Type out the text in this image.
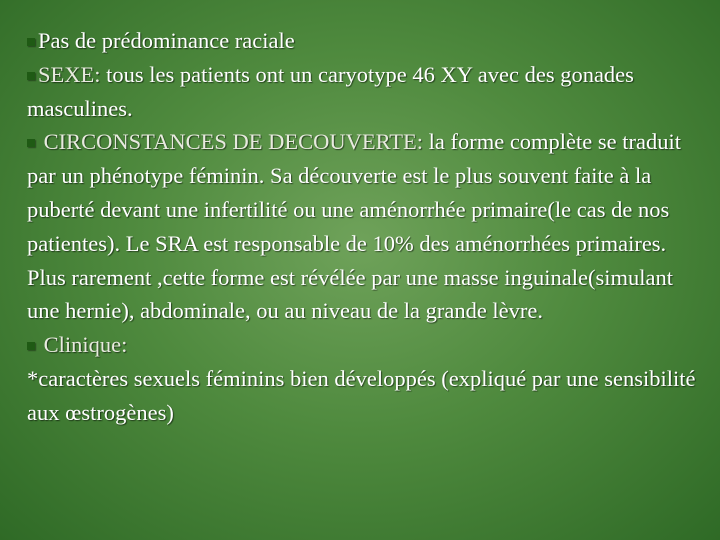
Pas de prédominance raciale

SEXE: tous les patients ont un caryotype 46 XY avec des gonades masculines.

CIRCONSTANCES DE DECOUVERTE: la forme complète se traduit par un phénotype féminin. Sa découverte est le plus souvent faite à la puberté devant une infertilité ou une aménorrhée primaire(le cas de nos patientes). Le SRA est responsable de 10% des aménorrhées primaires. Plus rarement ,cette forme est révélée par une masse inguinale(simulant une hernie), abdominale, ou au niveau de la grande lèvre.

Clinique:

*caractères sexuels féminins bien développés (expliqué par une sensibilité aux œstrogènes)
